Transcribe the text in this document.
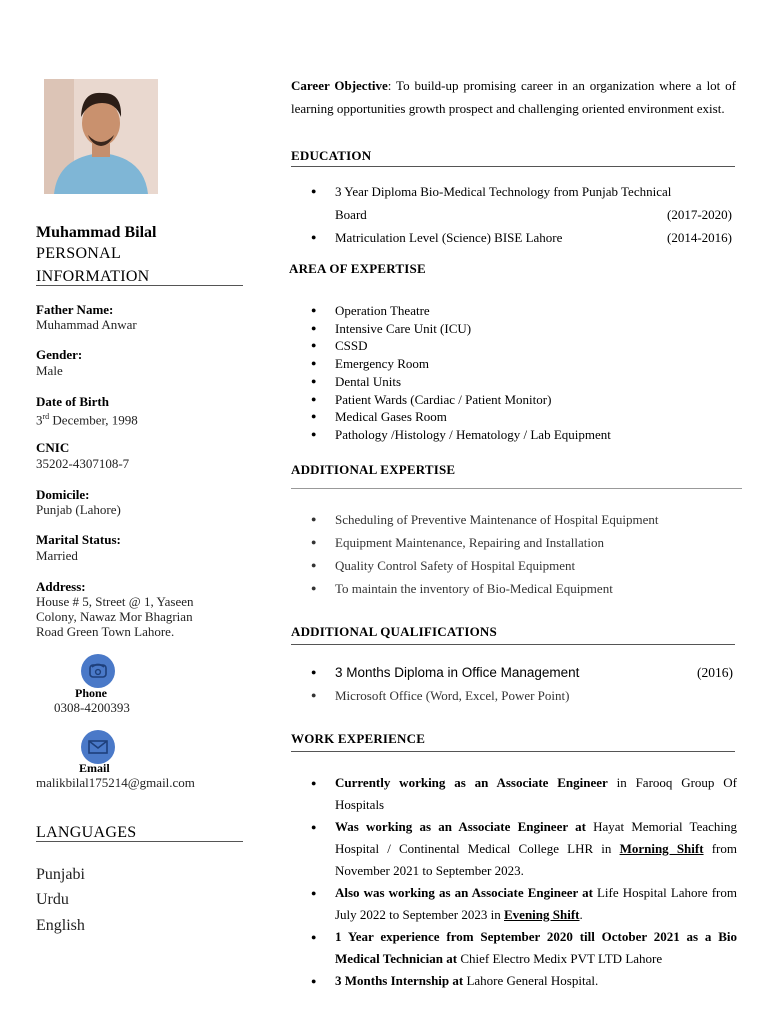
Muhammad Bilal
PERSONAL
INFORMATION
Father Name:
Muhammad Anwar
Gender:
Male
Date of Birth
3rd December, 1998
CNIC
35202-4307108-7
Domicile:
Punjab (Lahore)
Marital Status:
Married
Address:
House # 5, Street @ 1, Yaseen
Colony, Nawaz Mor Bhagrian
Road Green Town Lahore.
Phone
0308-4200393
Email
malikbilal175214@gmail.com
LANGUAGES
Punjabi
Urdu
English
Career Objective: To build-up promising career in an organization where a lot of learning opportunities growth prospect and challenging oriented environment exist.
EDUCATION
● 3 Year Diploma Bio-Medical Technology from Punjab Technical
Board	(2017-2020)
● Matriculation Level (Science) BISE Lahore	(2014-2016)
AREA OF EXPERTISE
● Operation Theatre
● Intensive Care Unit (ICU)
● CSSD
● Emergency Room
● Dental Units
● Patient Wards (Cardiac / Patient Monitor)
● Medical Gases Room
● Pathology /Histology / Hematology / Lab Equipment
ADDITIONAL EXPERTISE
● Scheduling of Preventive Maintenance of Hospital Equipment
● Equipment Maintenance, Repairing and Installation
● Quality Control Safety of Hospital Equipment
● To maintain the inventory of Bio-Medical Equipment
ADDITIONAL QUALIFICATIONS
● 3 Months Diploma in Office Management	(2016)
● Microsoft Office (Word, Excel, Power Point)
WORK EXPERIENCE
● Currently working as an Associate Engineer in Farooq Group Of Hospitals
● Was working as an Associate Engineer at Hayat Memorial Teaching Hospital / Continental Medical College LHR in Morning Shift from November 2021 to September 2023.
● Also was working as an Associate Engineer at Life Hospital Lahore from July 2022 to September 2023 in Evening Shift.
● 1 Year experience from September 2020 till October 2021 as a Bio Medical Technician at Chief Electro Medix PVT LTD Lahore
● 3 Months Internship at Lahore General Hospital.
